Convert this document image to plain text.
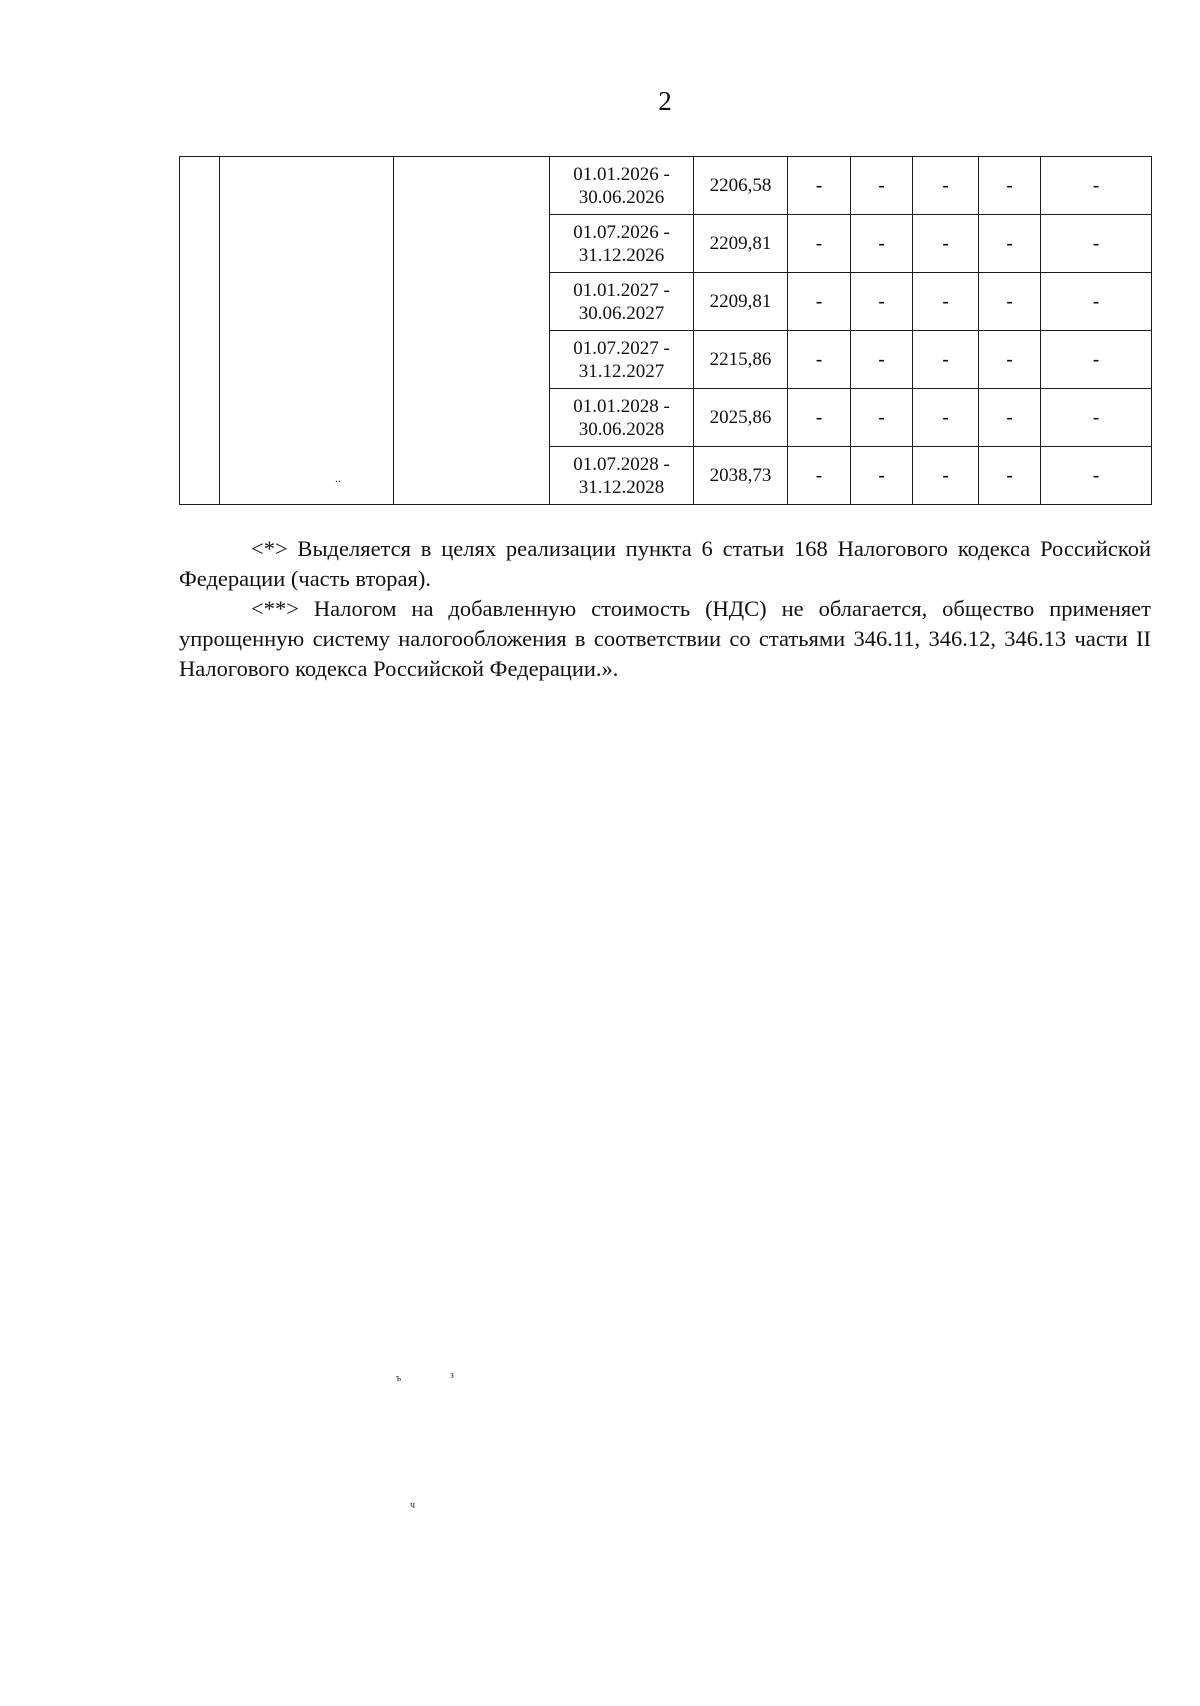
2

	..		01.01.2026 -
30.06.2026	2206,58	-	-	-	-	-

			01.07.2026 -
31.12.2026	2209,81	-	-	-	-	-

			01.01.2027 -
30.06.2027	2209,81	-	-	-	-	-

			01.07.2027 -
31.12.2027	2215,86	-	-	-	-	-

			01.01.2028 -
30.06.2028	2025,86	-	-	-	-	-

			01.07.2028 -
31.12.2028	2038,73	-	-	-	-	-

<*> Выделяется в целях реализации пункта 6 статьи 168 Налогового кодекса Российской Федерации (часть вторая).

<**> Налогом на добавленную стоимость (НДС) не облагается, общество применяет упрощенную систему налогообложения в соответствии со статьями 346.11, 346.12, 346.13 части II Налогового кодекса Российской Федерации.».

ъ	з
ч
